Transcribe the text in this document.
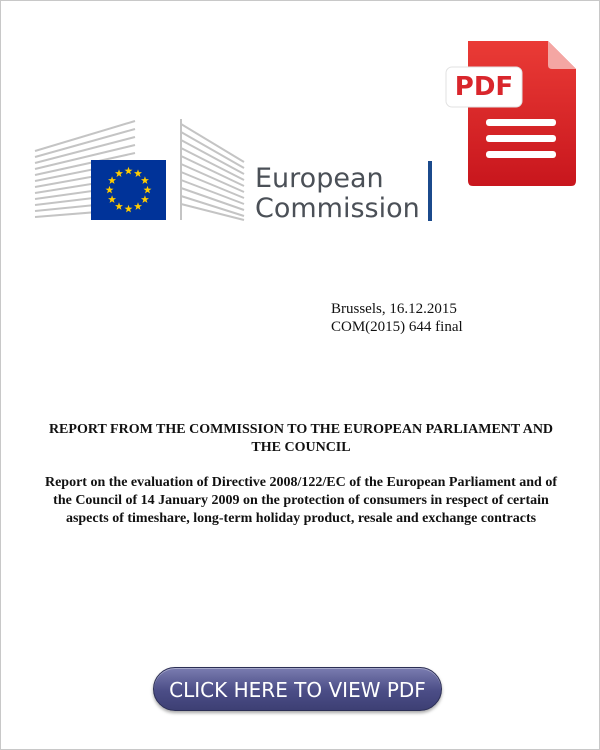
European
Commission
PDF
Brussels, 16.12.2015
COM(2015) 644 final
REPORT FROM THE COMMISSION TO THE EUROPEAN PARLIAMENT AND
THE COUNCIL
Report on the evaluation of Directive 2008/122/EC of the European Parliament and of
the Council of 14 January 2009 on the protection of consumers in respect of certain
aspects of timeshare, long-term holiday product, resale and exchange contracts
CLICK HERE TO VIEW PDF
